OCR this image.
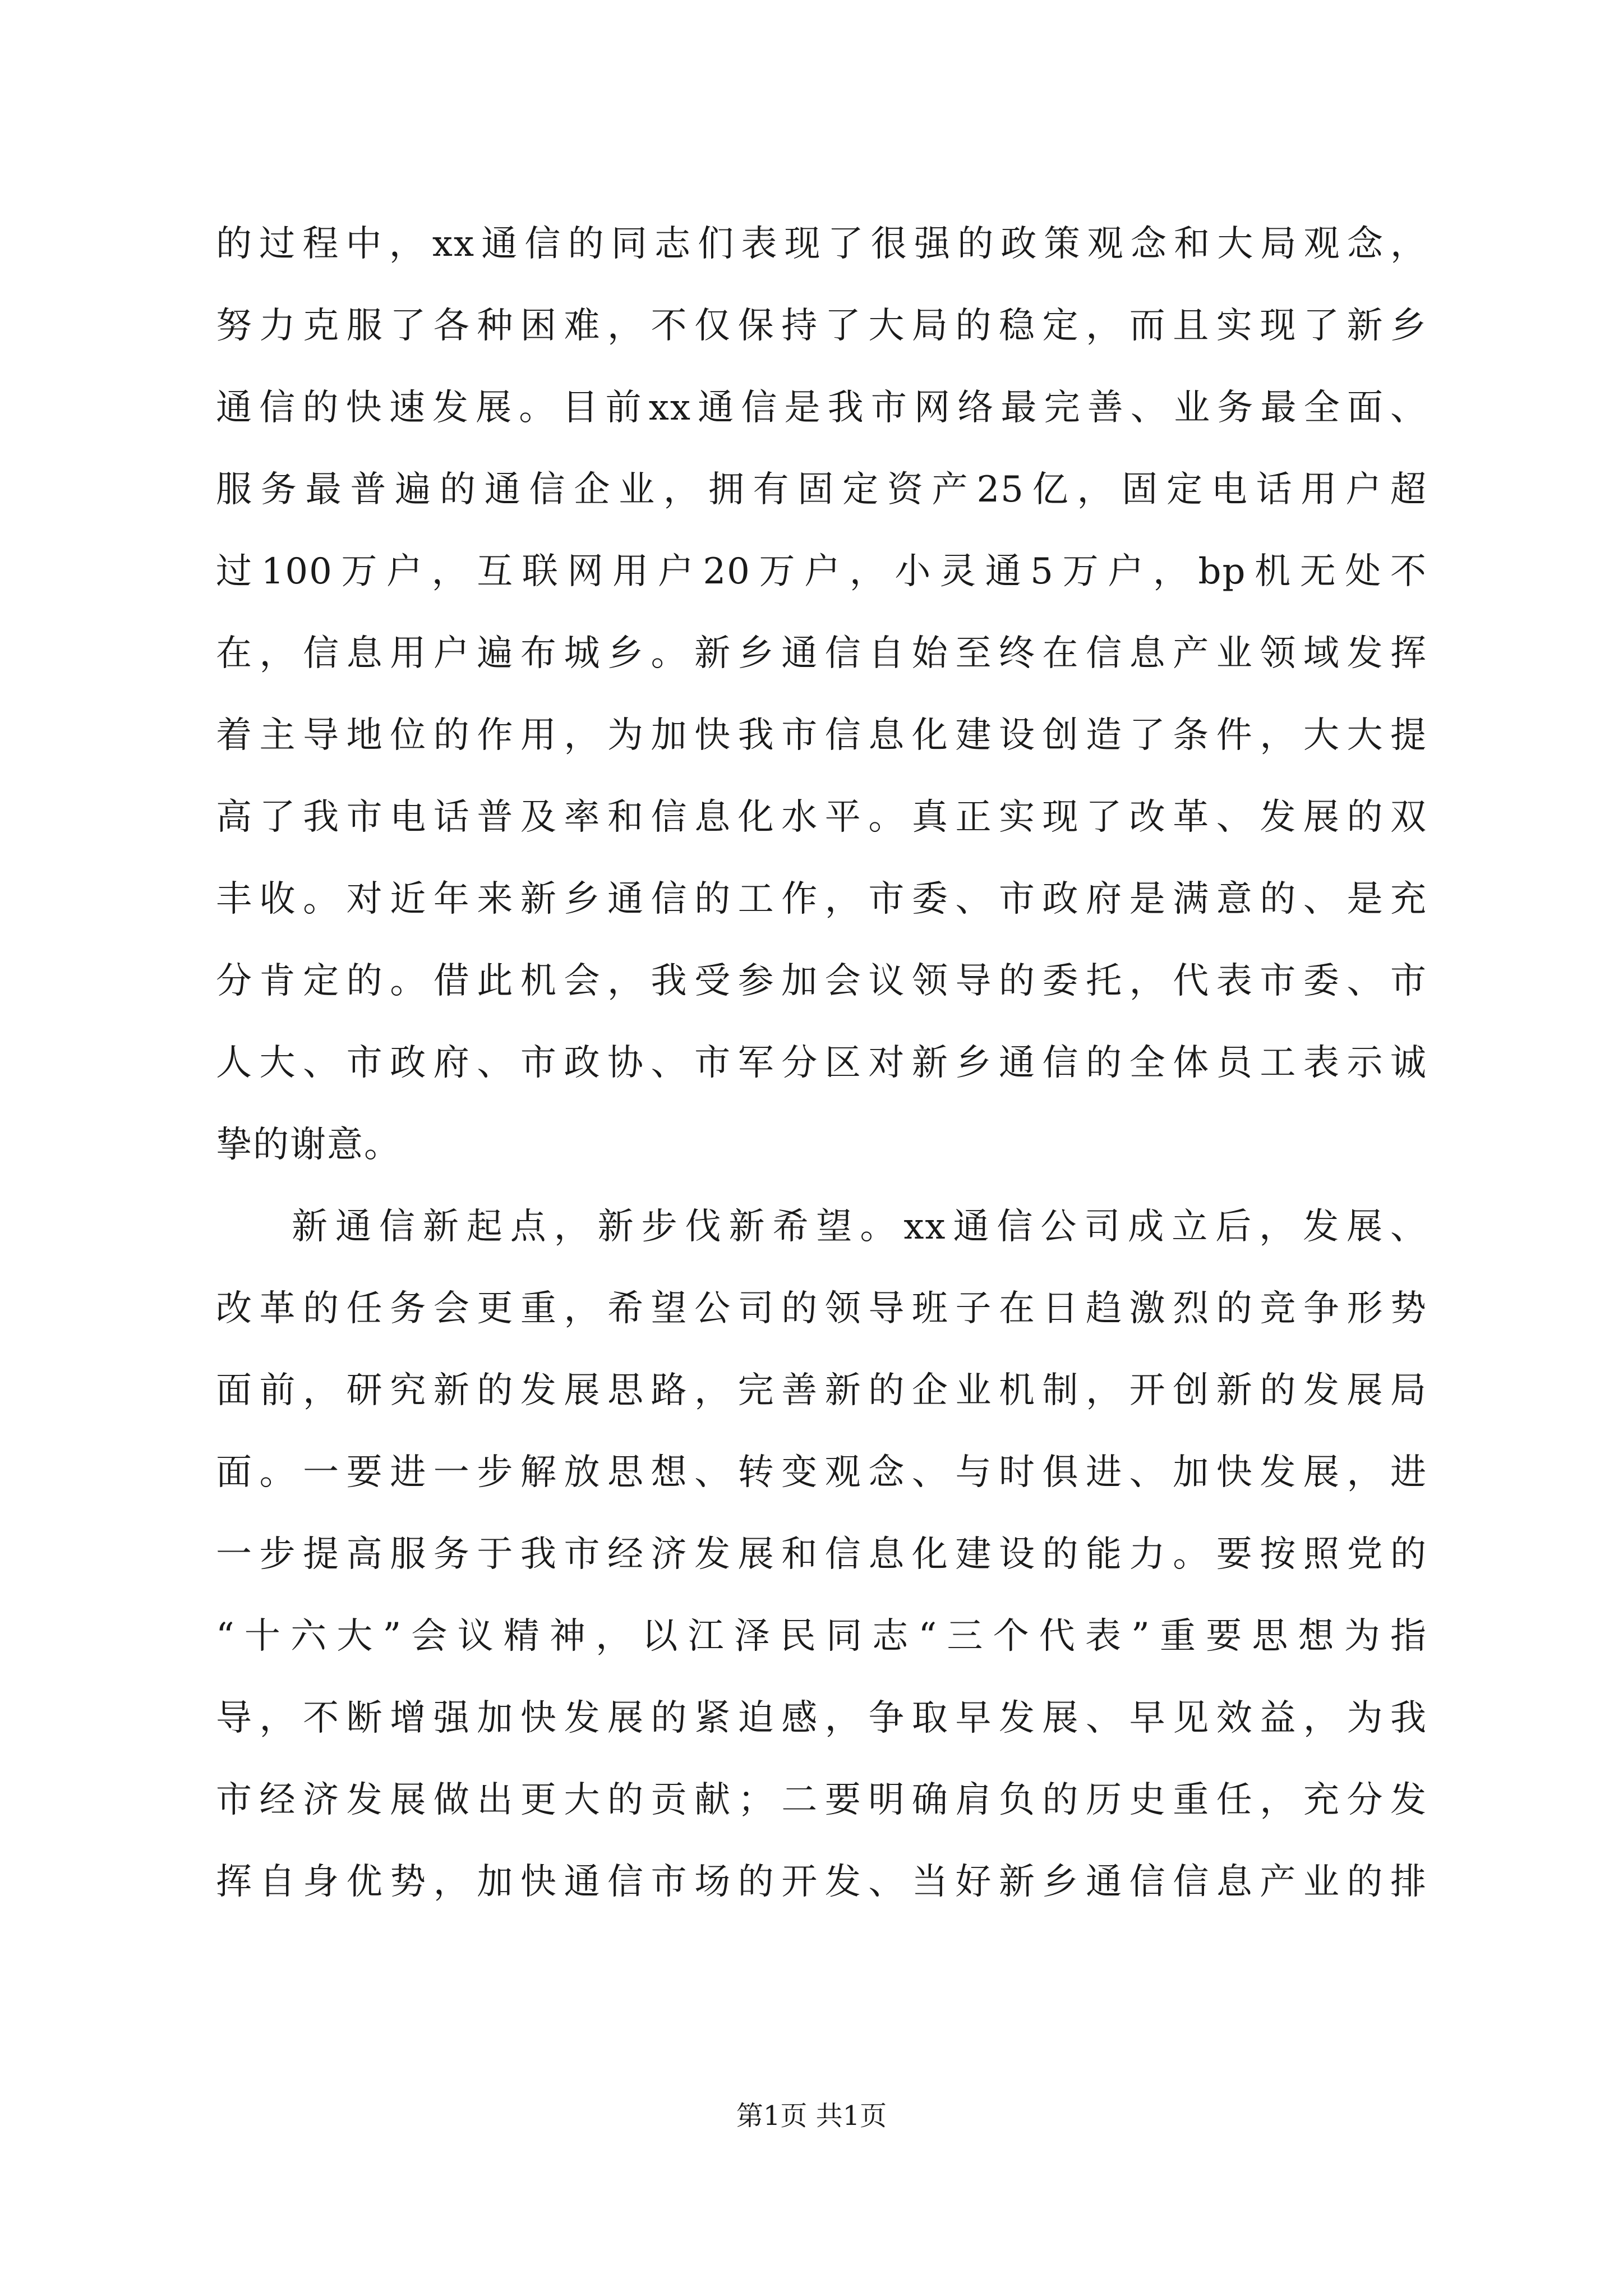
的过程中，xx通信的同志们表现了很强的政策观念和大局观念，
努力克服了各种困难，不仅保持了大局的稳定，而且实现了新乡
通信的快速发展。目前xx通信是我市网络最完善、业务最全面、
服务最普遍的通信企业，拥有固定资产25亿，固定电话用户超
过100万户，互联网用户20万户，小灵通5万户，bp机无处不
在，信息用户遍布城乡。新乡通信自始至终在信息产业领域发挥
着主导地位的作用，为加快我市信息化建设创造了条件，大大提
高了我市电话普及率和信息化水平。真正实现了改革、发展的双
丰收。对近年来新乡通信的工作，市委、市政府是满意的、是充
分肯定的。借此机会，我受参加会议领导的委托，代表市委、市
人大、市政府、市政协、市军分区对新乡通信的全体员工表示诚
挚的谢意。
新通信新起点，新步伐新希望。xx通信公司成立后，发展、
改革的任务会更重，希望公司的领导班子在日趋激烈的竞争形势
面前，研究新的发展思路，完善新的企业机制，开创新的发展局
面。一要进一步解放思想、转变观念、与时俱进、加快发展，进
一步提高服务于我市经济发展和信息化建设的能力。要按照党的
“十六大”会议精神，以江泽民同志“三个代表”重要思想为指
导，不断增强加快发展的紧迫感，争取早发展、早见效益，为我
市经济发展做出更大的贡献；二要明确肩负的历史重任，充分发
挥自身优势，加快通信市场的开发、当好新乡通信信息产业的排
第1页 共1页
